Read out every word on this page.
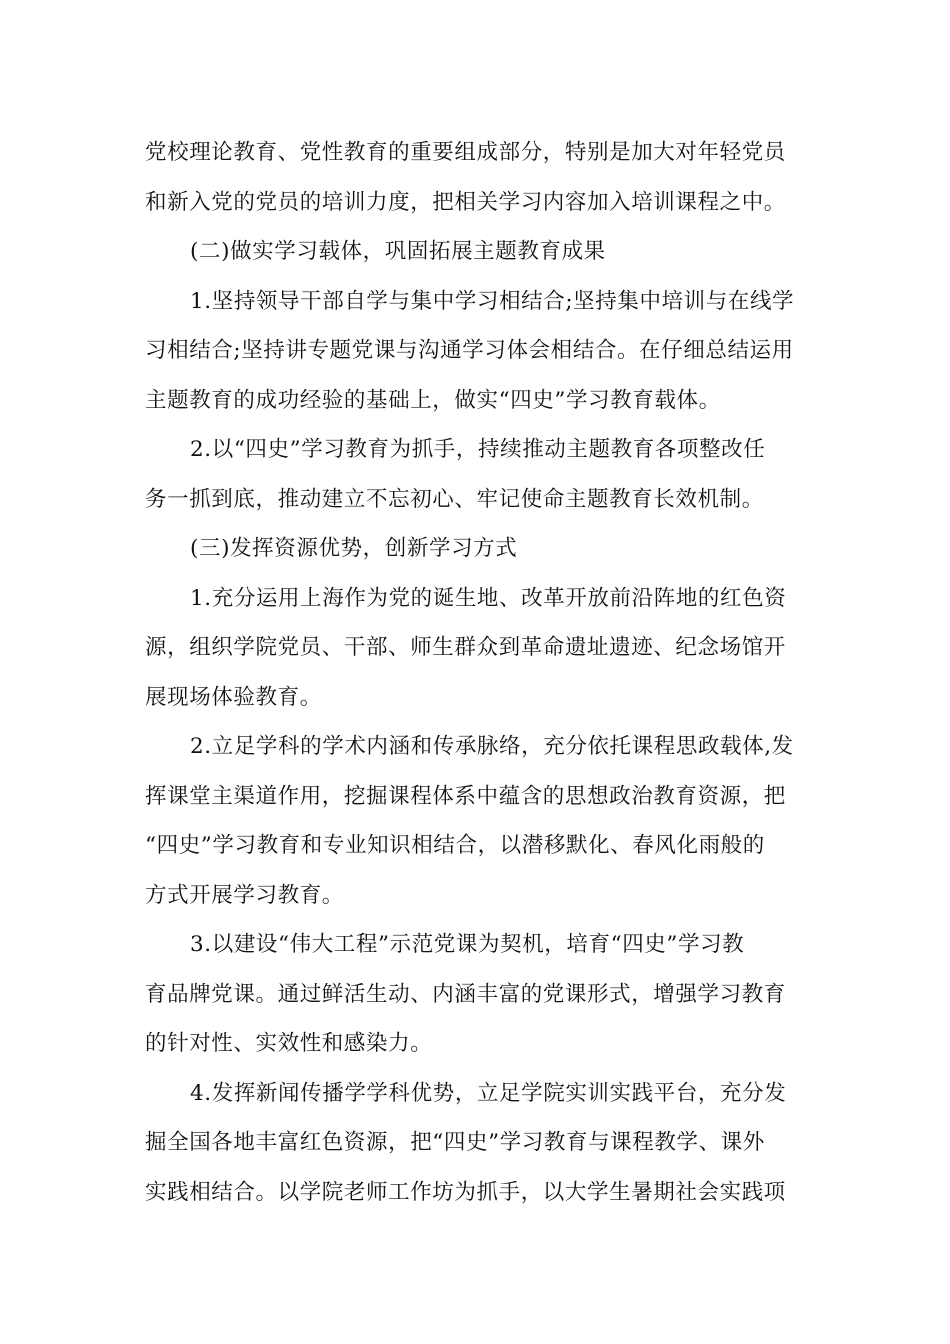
党校理论教育、党性教育的重要组成部分，特别是加大对年轻党员
和新入党的党员的培训力度，把相关学习内容加入培训课程之中。

(二)做实学习载体，巩固拓展主题教育成果

1.坚持领导干部自学与集中学习相结合;坚持集中培训与在线学
习相结合;坚持讲专题党课与沟通学习体会相结合。在仔细总结运用
主题教育的成功经验的基础上，做实“四史”学习教育载体。

2.以“四史”学习教育为抓手，持续推动主题教育各项整改任
务一抓到底，推动建立不忘初心、牢记使命主题教育长效机制。

(三)发挥资源优势，创新学习方式

1.充分运用上海作为党的诞生地、改革开放前沿阵地的红色资
源，组织学院党员、干部、师生群众到革命遗址遗迹、纪念场馆开
展现场体验教育。

2.立足学科的学术内涵和传承脉络，充分依托课程思政载体,发
挥课堂主渠道作用，挖掘课程体系中蕴含的思想政治教育资源，把
“四史”学习教育和专业知识相结合，以潜移默化、春风化雨般的
方式开展学习教育。

3.以建设“伟大工程”示范党课为契机，培育“四史”学习教
育品牌党课。通过鲜活生动、内涵丰富的党课形式，增强学习教育
的针对性、实效性和感染力。

4.发挥新闻传播学学科优势，立足学院实训实践平台，充分发
掘全国各地丰富红色资源，把“四史”学习教育与课程教学、课外
实践相结合。以学院老师工作坊为抓手，以大学生暑期社会实践项
